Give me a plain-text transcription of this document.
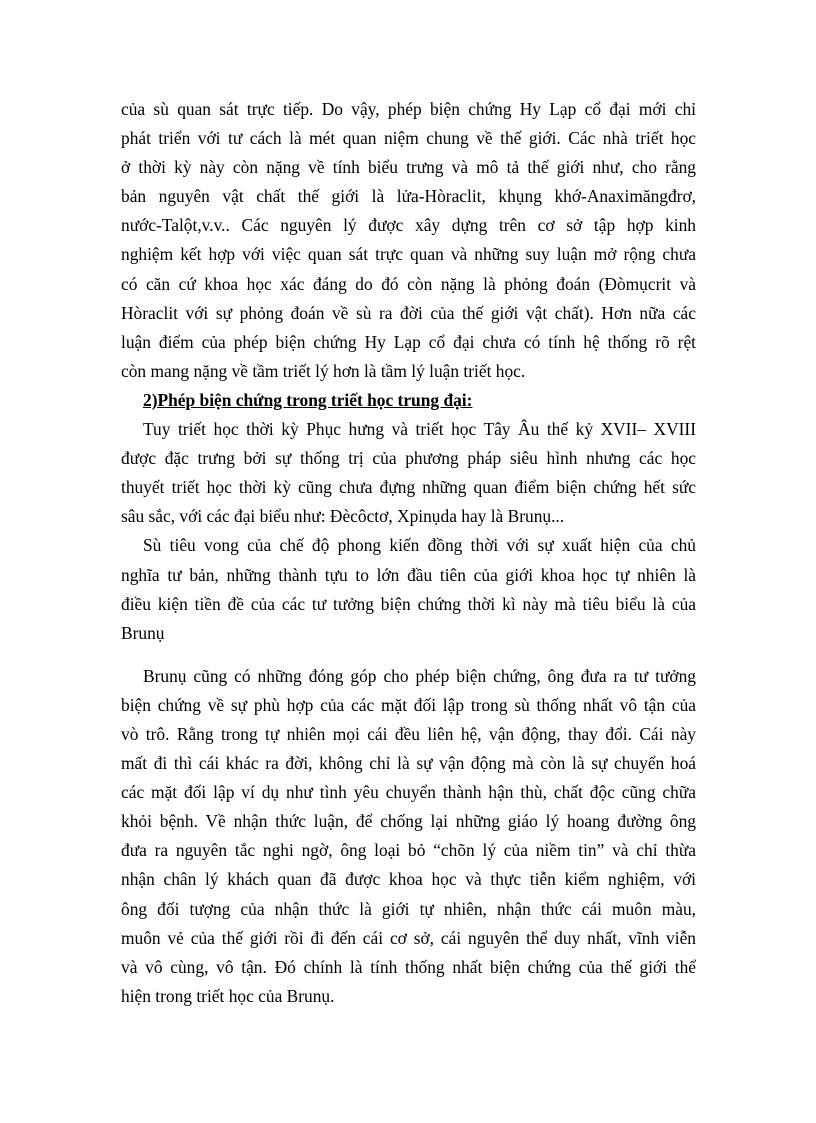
của sù quan sát trực tiếp. Do vậy, phép biện chứng Hy Lạp cổ đại mới chỉ
phát triển với tư cách là mét quan niệm chung về thế giới. Các nhà triết học
ở thời kỳ này còn nặng về tính biểu trưng và mô tả thế giới như, cho rằng
bản nguyên vật chất thế giới là lửa-Hòraclit, khụng khớ-Anaximăngđrơ,
nước-Talột,v.v.. Các nguyên lý được xây dựng trên cơ sở tập hợp kinh
nghiệm kết hợp với việc quan sát trực quan và những suy luận mở rộng chưa
có căn cứ khoa học xác đáng do đó còn nặng là phỏng đoán (Đòmụcrit và
Hòraclit với sự phỏng đoán về sù ra đời của thế giới vật chất). Hơn nữa các
luận điểm của phép biện chứng Hy Lạp cổ đại chưa có tính hệ thống rõ rệt
còn mang nặng về tầm triết lý hơn là tầm lý luận triết học.

2)Phép biện chứng trong triết học trung đại:

Tuy triết học thời kỳ Phục hưng và triết học Tây Âu thế kỷ XVII– XVIII

được đặc trưng bởi sự thống trị của phương pháp siêu hình nhưng các học
thuyết triết học thời kỳ cũng chưa đựng những quan điểm biện chứng hết sức
sâu sắc, với các đại biểu như: Đècôctơ, Xpinụda hay là Brunụ...

Sù tiêu vong của chế độ phong kiến đồng thời với sự xuất hiện của chủ

nghĩa tư bản, những thành tựu to lớn đầu tiên của giới khoa học tự nhiên là
điều kiện tiền đề của các tư tưởng biện chứng thời kì này mà tiêu biểu là của
Brunụ

Brunụ cũng có những đóng góp cho phép biện chứng, ông đưa ra tư tưởng

biện chứng về sự phù hợp của các mặt đối lập trong sù thống nhất vô tận của
vò trô. Rằng trong tự nhiên mọi cái đều liên hệ, vận động, thay đổi. Cái này
mất đi thì cái khác ra đời, không chỉ là sự vận động mà còn là sự chuyển hoá
các mặt đối lập ví dụ như tình yêu chuyển thành hận thù, chất độc cũng chữa
khỏi bệnh. Về nhận thức luận, để chống lại những giáo lý hoang đường ông
đưa ra nguyên tắc nghi ngờ, ông loại bỏ “chõn lý của niềm tin” và chỉ thừa
nhận chân lý khách quan đã được khoa học và thực tiễn kiểm nghiệm, với
ông đối tượng của nhận thức là giới tự nhiên, nhận thức cái muôn màu,
muôn vẻ của thế giới rồi đi đến cái cơ sở, cái nguyên thể duy nhất, vĩnh viễn
và vô cùng, vô tận. Đó chính là tính thống nhất biện chứng của thế giới thể
hiện trong triết học của Brunụ.
